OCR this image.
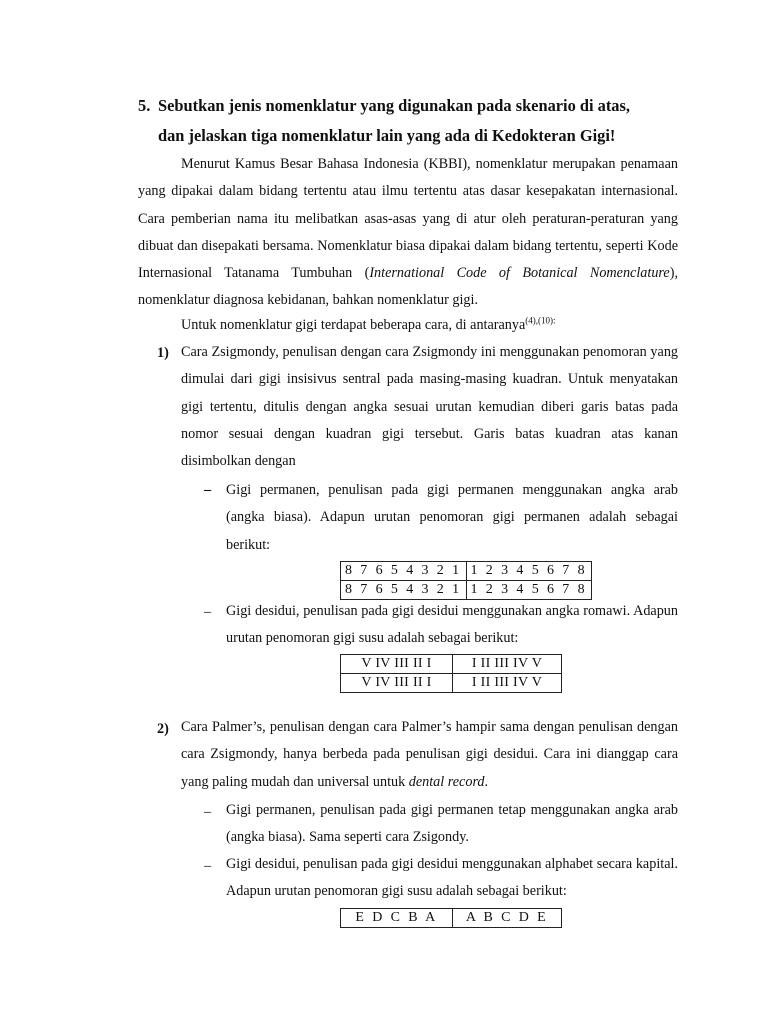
5. Sebutkan jenis nomenklatur yang digunakan pada skenario di atas,
dan jelaskan tiga nomenklatur lain yang ada di Kedokteran Gigi!

Menurut Kamus Besar Bahasa Indonesia (KBBI), nomenklatur merupakan penamaan yang dipakai dalam bidang tertentu atau ilmu tertentu atas dasar kesepakatan internasional. Cara pemberian nama itu melibatkan asas-asas yang di atur oleh peraturan-peraturan yang dibuat dan disepakati bersama. Nomenklatur biasa dipakai dalam bidang tertentu, seperti Kode Internasional Tatanama Tumbuhan (International Code of Botanical Nomenclature), nomenklatur diagnosa kebidanan, bahkan nomenklatur gigi.

Untuk nomenklatur gigi terdapat beberapa cara, di antaranya$^{(4),(10):}$

1) Cara Zsigmondy, penulisan dengan cara Zsigmondy ini menggunakan penomoran yang dimulai dari gigi insisivus sentral pada masing-masing kuadran. Untuk menyatakan gigi tertentu, ditulis dengan angka sesuai urutan kemudian diberi garis batas pada nomor sesuai dengan kuadran gigi tersebut. Garis batas kuadran atas kanan disimbolkan dengan

– Gigi permanen, penulisan pada gigi permanen menggunakan angka arab (angka biasa). Adapun urutan penomoran gigi permanen adalah sebagai berikut:

8 7 6 5 4 3 2 1	1 2 3 4 5 6 7 8
8 7 6 5 4 3 2 1	1 2 3 4 5 6 7 8
– Gigi desidui, penulisan pada gigi desidui menggunakan angka romawi. Adapun urutan penomoran gigi susu adalah sebagai berikut:

V IV III II I	I II III IV V
V IV III II I	I II III IV V
2) Cara Palmer’s, penulisan dengan cara Palmer’s hampir sama dengan penulisan dengan cara Zsigmondy, hanya berbeda pada penulisan gigi desidui. Cara ini dianggap cara yang paling mudah dan universal untuk dental record.

– Gigi permanen, penulisan pada gigi permanen tetap menggunakan angka arab (angka biasa). Sama seperti cara Zsigondy.

– Gigi desidui, penulisan pada gigi desidui menggunakan alphabet secara kapital. Adapun urutan penomoran gigi susu adalah sebagai berikut:

E D C B A	A B C D E
